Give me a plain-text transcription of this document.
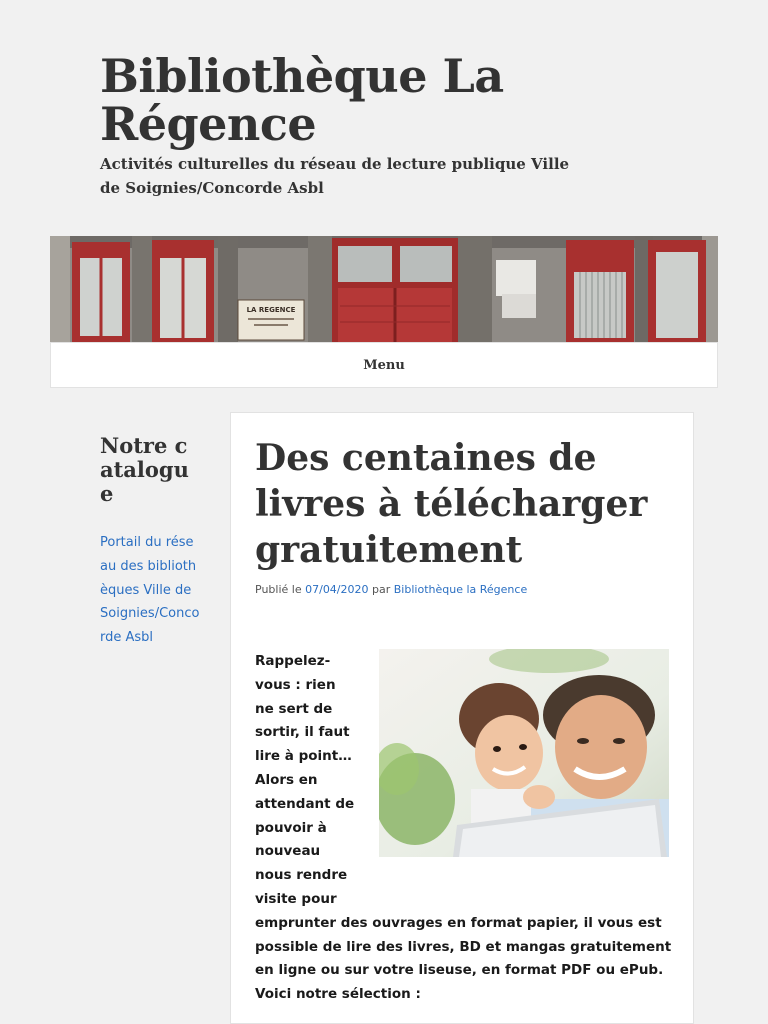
Bibliothèque La Régence
Activités culturelles du réseau de lecture publique Ville de Soignies/Concorde Asbl
LA REGENCE
Menu
Notre catalogue
Portail du réseau des bibliothèques Ville de Soignies/Concorde Asbl
Des centaines de livres à télécharger gratuitement
Publié le 07/04/2020 par Bibliothèque la Régence
Rappelez-vous : rien ne sert de sortir, il faut lire à point… Alors en attendant de pouvoir à nouveau nous rendre visite pour
emprunter des ouvrages en format papier, il vous est possible de lire des livres, BD et mangas gratuitement en ligne ou sur votre liseuse, en format PDF ou ePub. Voici notre sélection :
